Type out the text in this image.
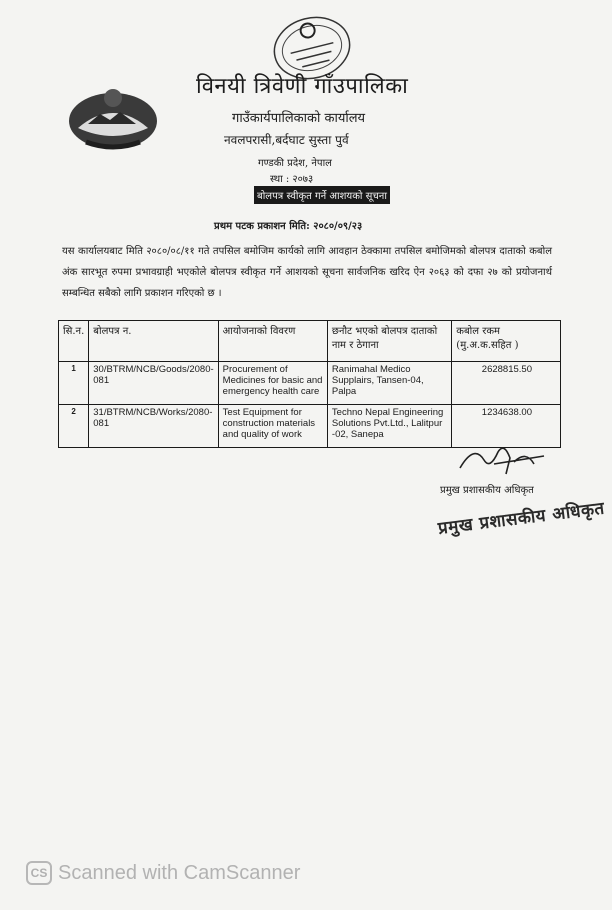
विनयी त्रिवेणी गाँउपालिका
गाउँकार्यपालिकाको कार्यालय
नवलपरासी,बर्दघाट सुस्ता पुर्व
गण्डकी प्रदेश, नेपाल
स्था : २०७३
बोलपत्र स्वीकृत गर्ने आशयको सूचना
प्रथम पटक प्रकाशन मिति: २०८०/०९/२३
यस कार्यालयबाट मिति २०८०/०८/११ गते तपसिल बमोजिम कार्यको लागि आवहान ठेक्कामा तपसिल बमोजिमको बोलपत्र दाताको कबोल अंक सारभूत रुपमा प्रभावग्राही भएकोले बोलपत्र स्वीकृत गर्ने आशयको सूचना सार्वजनिक खरिद ऐन २०६३ को दफा २७ को प्रयोजनार्थ सम्बन्धित सबैको लागि प्रकाशन गरिएको छ ।
सि.न.	बोलपत्र न.	आयोजनाको विवरण	छनौट भएको बोलपत्र दाताको नाम र ठेगाना	कबोल रकम (मु.अ.क.सहित )
1	30/BTRM/NCB/Goods/2080-081	Procurement of Medicines for basic and emergency health care	Ranimahal Medico Supplairs, Tansen-04, Palpa	2628815.50
2	31/BTRM/NCB/Works/2080-081	Test Equipment for construction materials and quality of work	Techno Nepal Engineering Solutions Pvt.Ltd., Lalitpur -02, Sanepa	1234638.00
प्रमुख प्रशासकीय अधिकृत
प्रमुख प्रशासकीय अधिकृत
CS Scanned with CamScanner
